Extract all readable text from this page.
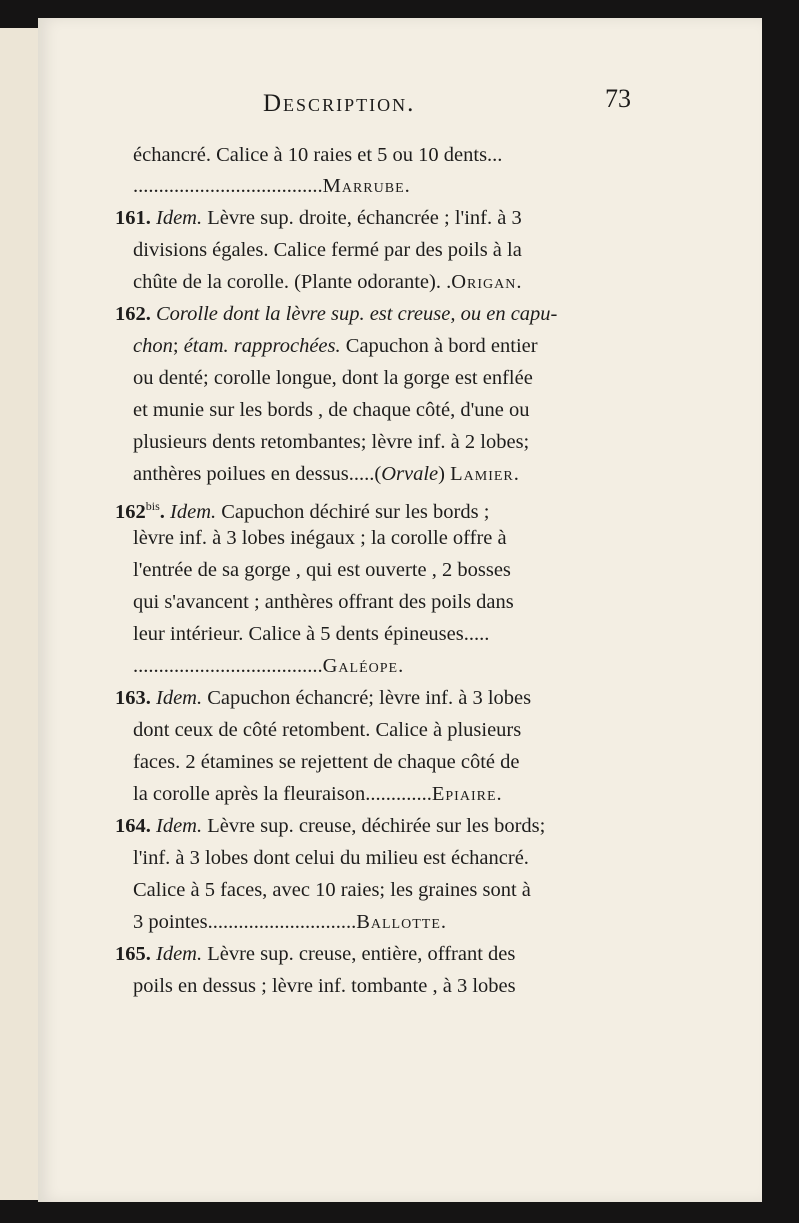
Description.	73
échancré. Calice à 10 raies et 5 ou 10 dents...
.....................................Marrube.
161. Idem. Lèvre sup. droite, échancrée ; l'inf. à 3
divisions égales. Calice fermé par des poils à la
chûte de la corolle. (Plante odorante). .Origan.
162. Corolle dont la lèvre sup. est creuse, ou en capu-
chon; étam. rapprochées. Capuchon à bord entier
ou denté; corolle longue, dont la gorge est enflée
et munie sur les bords , de chaque côté, d'une ou
plusieurs dents retombantes; lèvre inf. à 2 lobes;
anthères poilues en dessus.....(Orvale) Lamier.
$162^{bis}$. Idem. Capuchon déchiré sur les bords ;
lèvre inf. à 3 lobes inégaux ; la corolle offre à
l'entrée de sa gorge , qui est ouverte , 2 bosses
qui s'avancent ; anthères offrant des poils dans
leur intérieur. Calice à 5 dents épineuses.....
.....................................Galéope.
163. Idem. Capuchon échancré; lèvre inf. à 3 lobes
dont ceux de côté retombent. Calice à plusieurs
faces. 2 étamines se rejettent de chaque côté de
la corolle après la fleuraison.............Epiaire.
164. Idem. Lèvre sup. creuse, déchirée sur les bords;
l'inf. à 3 lobes dont celui du milieu est échancré.
Calice à 5 faces, avec 10 raies; les graines sont à
3 pointes.............................Ballotte.
165. Idem. Lèvre sup. creuse, entière, offrant des
poils en dessus ; lèvre inf. tombante , à 3 lobes
